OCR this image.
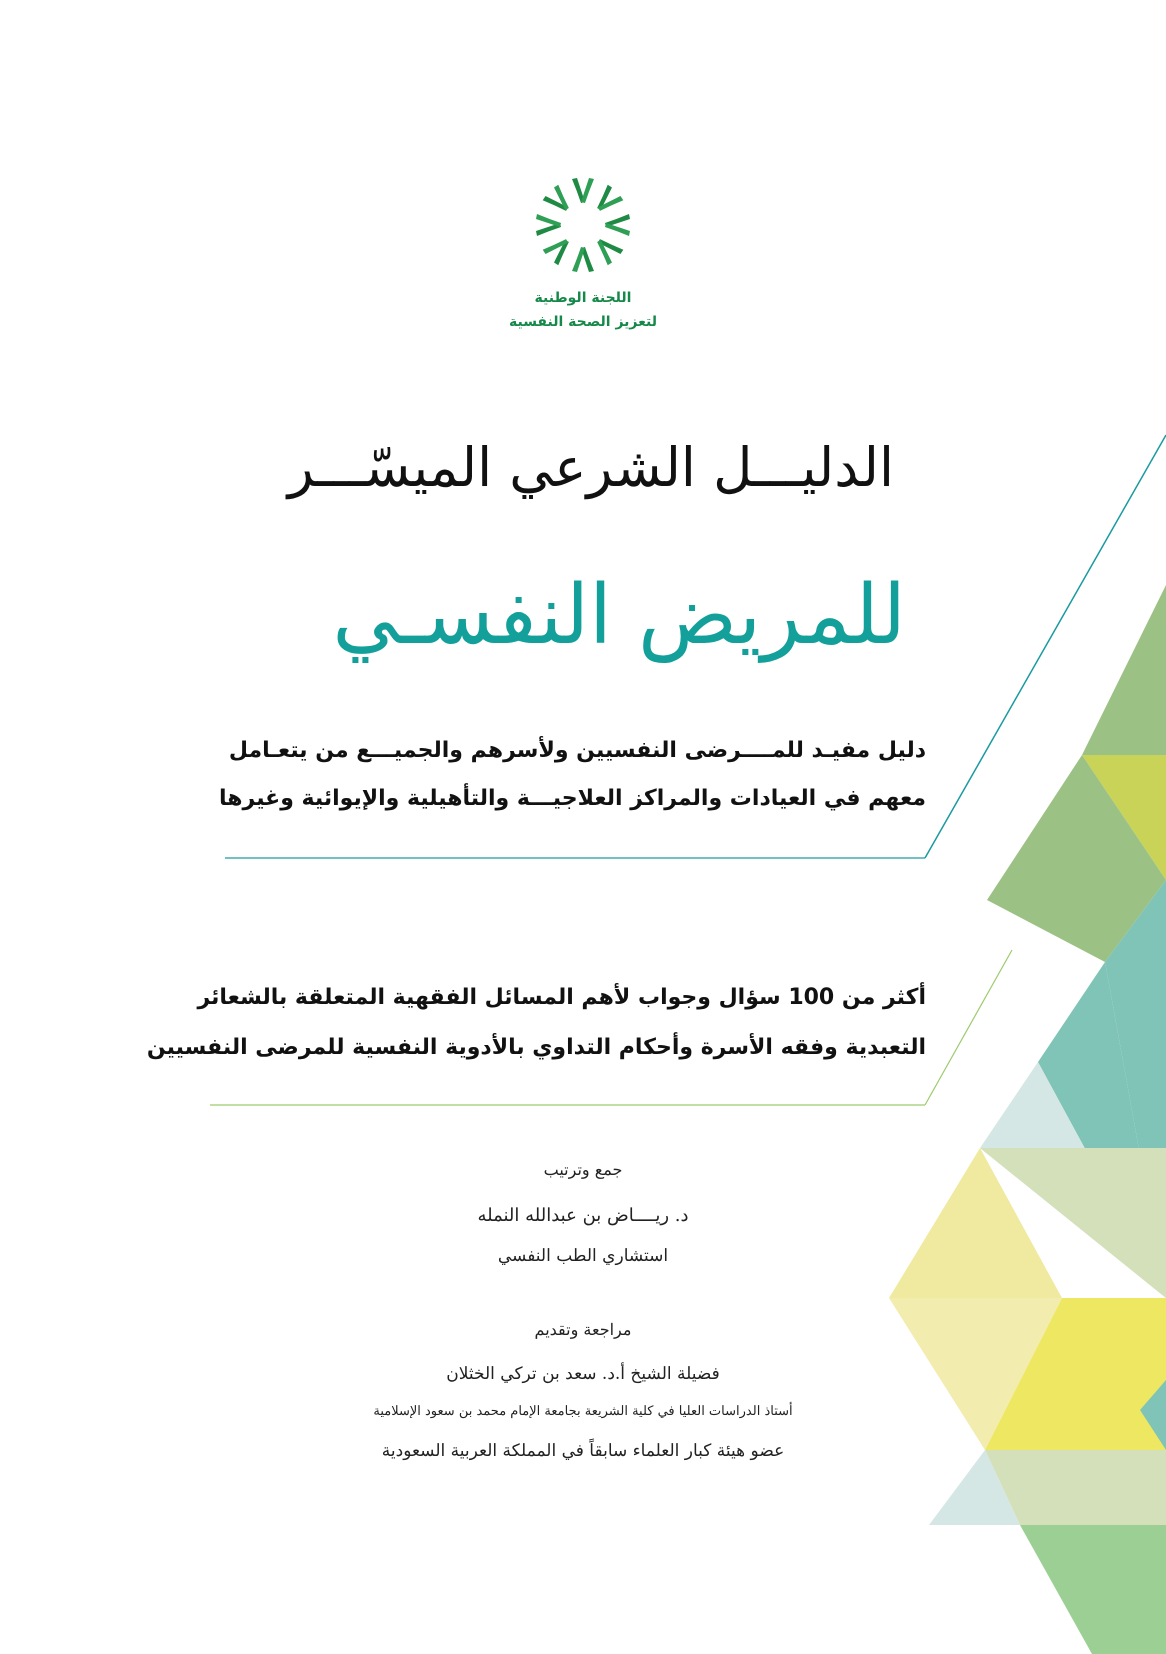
اللجنة الوطنية
لتعزيز الصحة النفسية
الدليـــل الشرعي الميسّـــر
للمريض النفسـي
دليل مفيـد للمــــرضى النفسيين ولأسرهم والجميـــع من يتعـامل
معهم في العيادات والمراكز العلاجيـــة والتأهيلية والإيوائية وغيرها
أكثر من 100 سؤال وجواب لأهم المسائل الفقهية المتعلقة بالشعائر
التعبدية وفقه الأسرة وأحكام التداوي بالأدوية النفسية للمرضى النفسيين
جمع وترتيب
د. ريــــاض بن عبدالله النمله
استشاري الطب النفسي
مراجعة وتقديم
فضيلة الشيخ أ.د. سعد بن تركي الخثلان
أستاذ الدراسات العليا في كلية الشريعة بجامعة الإمام محمد بن سعود الإسلامية
عضو هيئة كبار العلماء سابقاً في المملكة العربية السعودية
